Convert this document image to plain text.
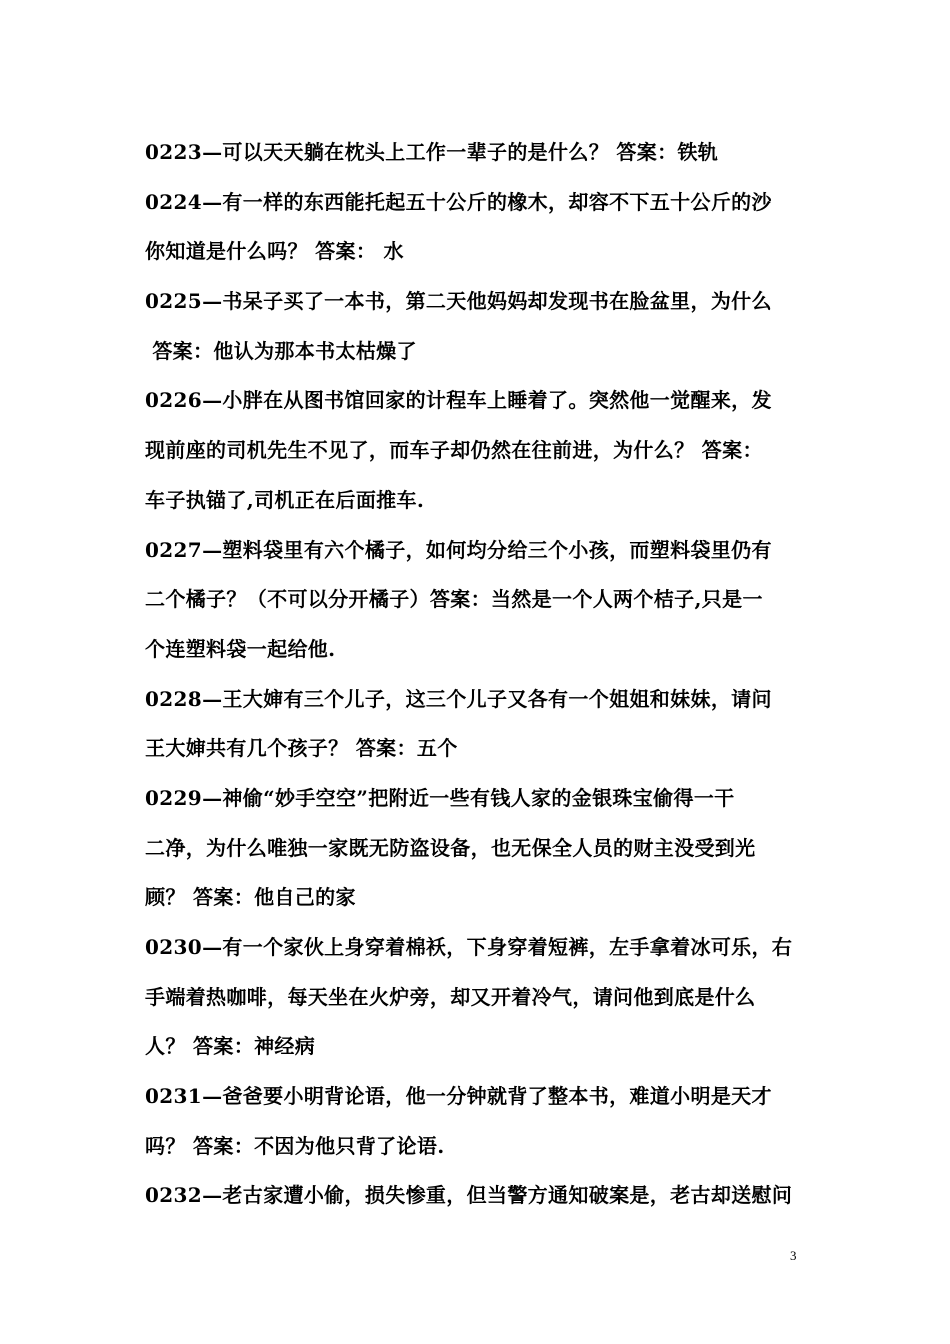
0223—可以天天躺在枕头上工作一辈子的是什么？ 答案：铁轨
0224—有一样的东西能托起五十公斤的橡木，却容不下五十公斤的沙
你知道是什么吗？ 答案： 水
0225—书呆子买了一本书，第二天他妈妈却发现书在脸盆里，为什么
答案：他认为那本书太枯燥了
0226—小胖在从图书馆回家的计程车上睡着了。突然他一觉醒来，发
现前座的司机先生不见了，而车子却仍然在往前进，为什么？ 答案：
车子执锚了,司机正在后面推车.
0227—塑料袋里有六个橘子，如何均分给三个小孩，而塑料袋里仍有
二个橘子？（不可以分开橘子）答案：当然是一个人两个桔子,只是一
个连塑料袋一起给他.
0228—王大婶有三个儿子，这三个儿子又各有一个姐姐和妹妹，请问
王大婶共有几个孩子？ 答案：五个
0229—神偷“妙手空空”把附近一些有钱人家的金银珠宝偷得一干
二净，为什么唯独一家既无防盗设备，也无保全人员的财主没受到光
顾？ 答案：他自己的家
0230—有一个家伙上身穿着棉袄，下身穿着短裤，左手拿着冰可乐，右
手端着热咖啡，每天坐在火炉旁，却又开着冷气，请问他到底是什么
人？ 答案：神经病
0231—爸爸要小明背论语，他一分钟就背了整本书，难道小明是天才
吗？ 答案：不因为他只背了论语.
0232—老古家遭小偷，损失惨重，但当警方通知破案是，老古却送慰问
3
